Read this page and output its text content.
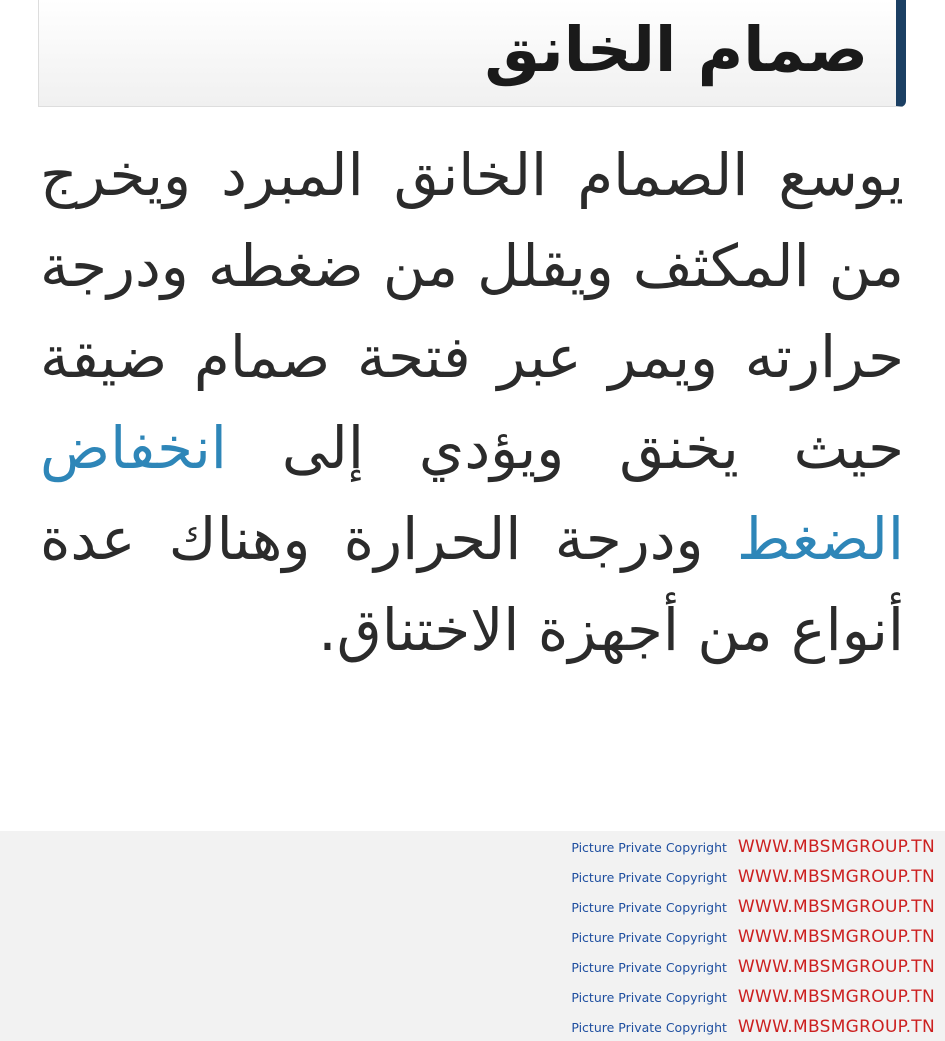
صمام الخانق
يوسع الصمام الخانق المبرد ويخرج من المكثف ويقلل من ضغطه ودرجة حرارته ويمر عبر فتحة صمام ضيقة حيث يخنق ويؤدي إلى انخفاض الضغط ودرجة الحرارة وهناك عدة أنواع من أجهزة الاختناق.
Picture Private Copyright WWW.MBSMGROUP.TN
Picture Private Copyright WWW.MBSMGROUP.TN
Picture Private Copyright WWW.MBSMGROUP.TN
Picture Private Copyright WWW.MBSMGROUP.TN
Picture Private Copyright WWW.MBSMGROUP.TN
Picture Private Copyright WWW.MBSMGROUP.TN
Picture Private Copyright WWW.MBSMGROUP.TN
